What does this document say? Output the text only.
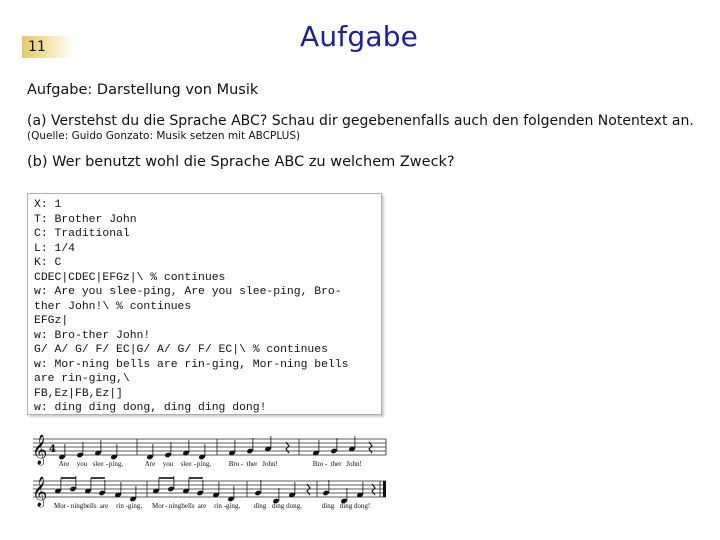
11	Aufgabe
Aufgabe: Darstellung von Musik
(a) Verstehst du die Sprache ABC? Schau dir gegebenenfalls auch den folgenden Notentext an.
(Quelle: Guido Gonzato: Musik setzen mit ABCPLUS)
(b) Wer benutzt wohl die Sprache ABC zu welchem Zweck?
X: 1
T: Brother John
C: Traditional
L: 1/4
K: C
CDEC|CDEC|EFGz|\ % continues
w: Are you slee-ping, Are you slee-ping, Bro-
ther John!\ % continues
EFGz|
w: Bro-ther John!
G/ A/ G/ F/ EC|G/ A/ G/ F/ EC|\ % continues
w: Mor-ning bells are rin-ging, Mor-ning bells
are rin-ging,\
FB,Ez|FB,Ez|]
w: ding ding dong, ding ding dong!

𝄞 4
Are you slee - ping,	Are you slee - ping,	Bro - ther John!	Bro - ther John!
𝄞 Mor - ning bells are rin - ging, Mor - ning bells are rin - ging, ding ding dong,	ding ding dong!
